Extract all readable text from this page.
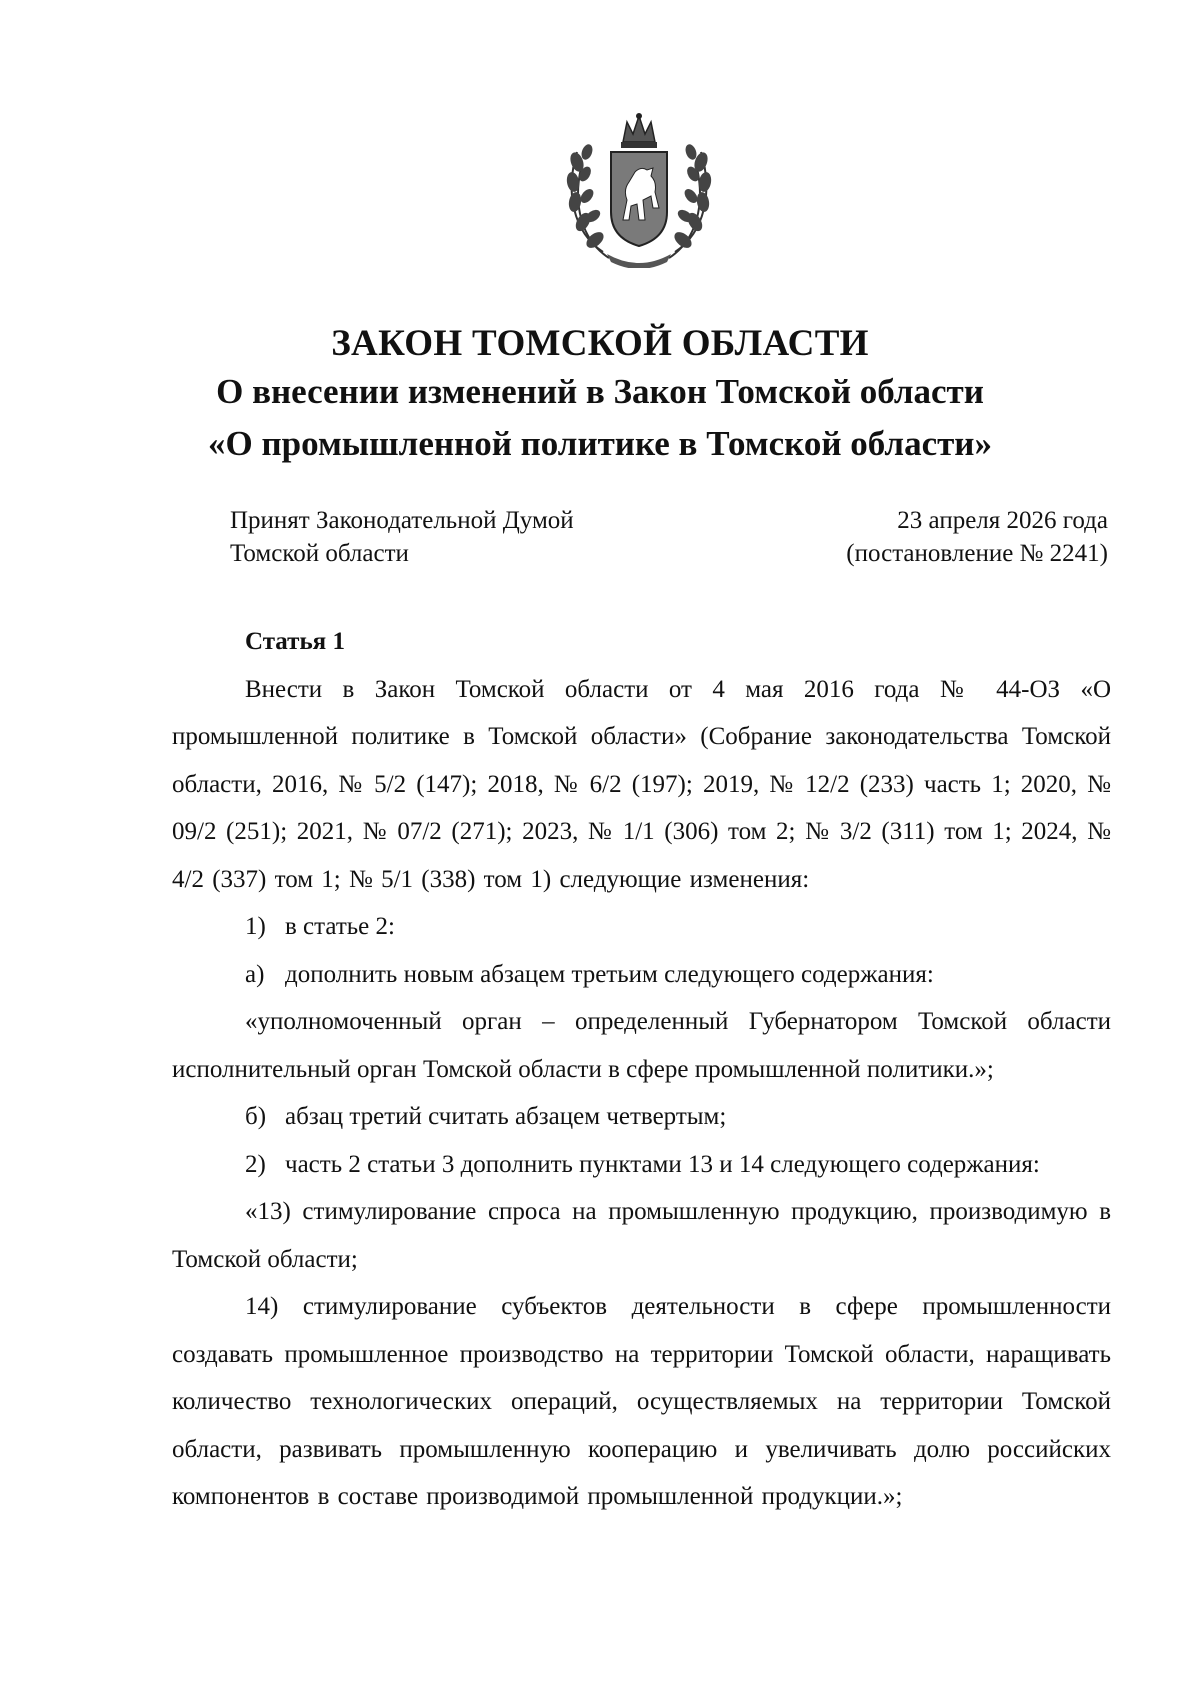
ЗАКОН ТОМСКОЙ ОБЛАСТИ
О внесении изменений в Закон Томской области
«О промышленной политике в Томской области»
Принят Законодательной Думой
Томской области
23 апреля 2026 года
(постановление № 2241)

Статья 1

Внести в Закон Томской области от 4 мая 2016 года № 44-ОЗ «О промышленной политике в Томской области» (Собрание законодательства Томской области, 2016, № 5/2 (147); 2018, № 6/2 (197); 2019, № 12/2 (233) часть 1; 2020, № 09/2 (251); 2021, № 07/2 (271); 2023, № 1/1 (306) том 2; № 3/2 (311) том 1; 2024, № 4/2 (337) том 1; № 5/1 (338) том 1) следующие изменения:

1) в статье 2:

а) дополнить новым абзацем третьим следующего содержания:

«уполномоченный орган – определенный Губернатором Томской области исполнительный орган Томской области в сфере промышленной политики.»;

б) абзац третий считать абзацем четвертым;

2) часть 2 статьи 3 дополнить пунктами 13 и 14 следующего содержания:

«13) стимулирование спроса на промышленную продукцию, производимую в Томской области;

14) стимулирование субъектов деятельности в сфере промышленности создавать промышленное производство на территории Томской области, наращивать количество технологических операций, осуществляемых на территории Томской области, развивать промышленную кооперацию и увеличивать долю российских компонентов в составе производимой промышленной продукции.»;
